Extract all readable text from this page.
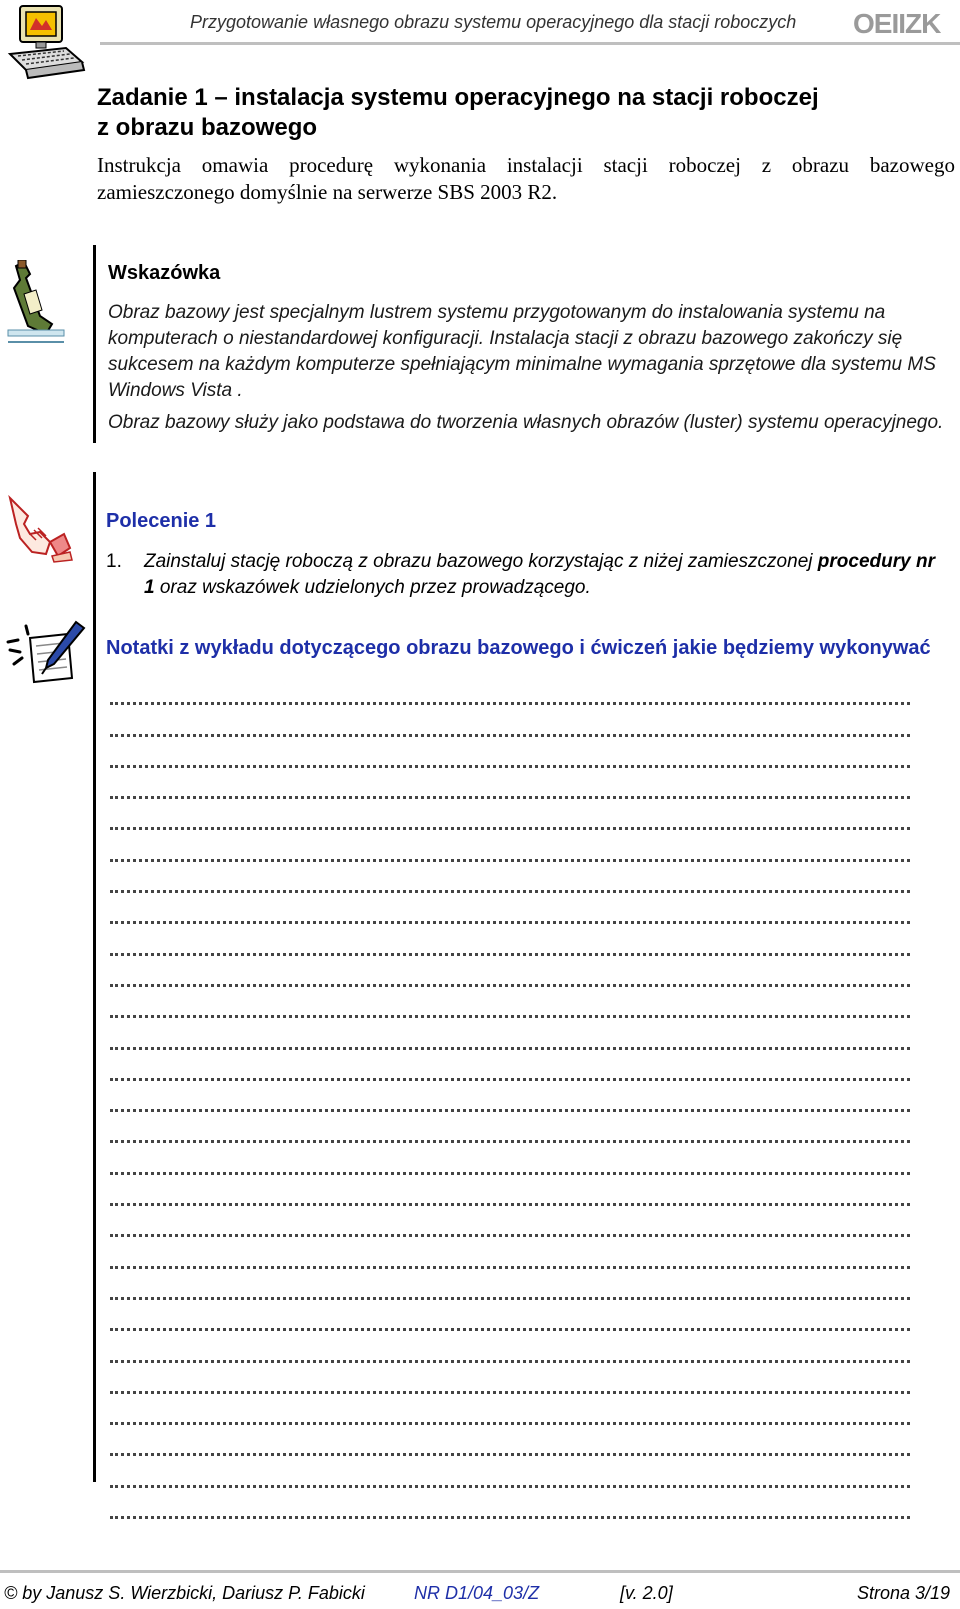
Przygotowanie własnego obrazu systemu operacyjnego dla stacji roboczych OEIIZK
Zadanie 1 – instalacja systemu operacyjnego na stacji roboczej
z obrazu bazowego
Instrukcja omawia procedurę wykonania instalacji stacji roboczej z obrazu bazowego zamieszczonego domyślnie na serwerze SBS 2003 R2.
Wskazówka

Obraz bazowy jest specjalnym lustrem systemu przygotowanym do instalowania systemu na komputerach o niestandardowej konfiguracji. Instalacja stacji z obrazu bazowego zakończy się sukcesem na każdym komputerze spełniającym minimalne wymagania sprzętowe dla systemu MS Windows Vista .

Obraz bazowy służy jako podstawa do tworzenia własnych obrazów (luster) systemu operacyjnego.

Polecenie 1
1. Zainstaluj stację roboczą z obrazu bazowego korzystając z niżej zamieszczonej procedury nr 1 oraz wskazówek udzielonych przez prowadzącego.
Notatki z wykładu dotyczącego obrazu bazowego i ćwiczeń jakie będziemy wykonywać
© by Janusz S. Wierzbicki, Dariusz P. Fabicki	NR D1/04_03/Z	[v. 2.0]	Strona 3/19
